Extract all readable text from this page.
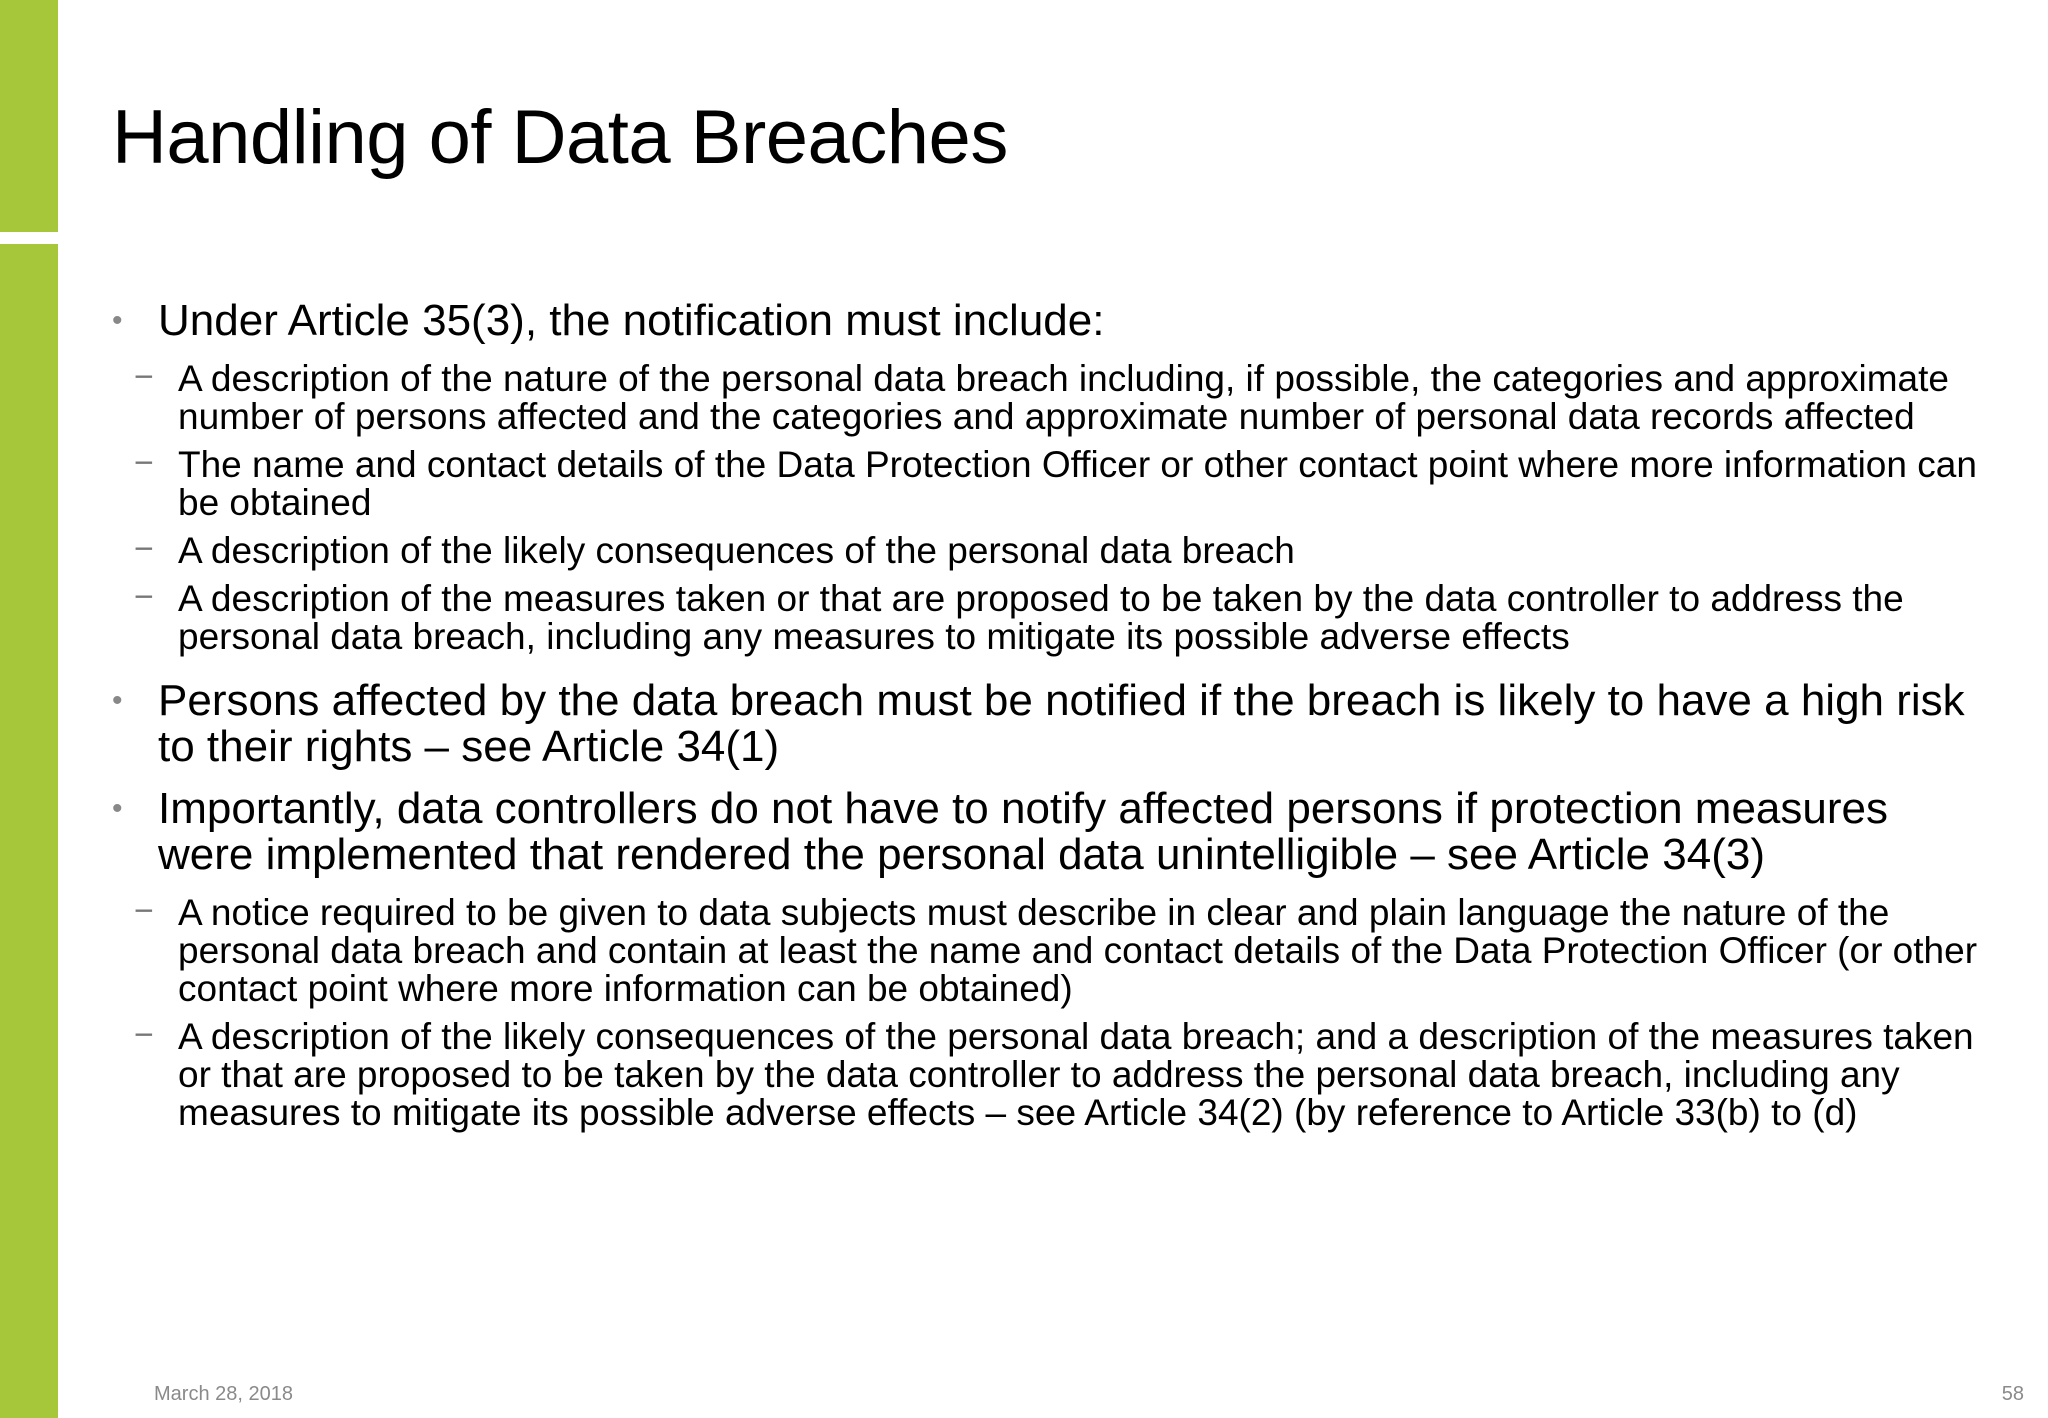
Handling of Data Breaches
• Under Article 35(3), the notification must include:
− A description of the nature of the personal data breach including, if possible, the categories and approximate number of persons affected and the categories and approximate number of personal data records affected
− The name and contact details of the Data Protection Officer or other contact point where more information can be obtained
− A description of the likely consequences of the personal data breach
− A description of the measures taken or that are proposed to be taken by the data controller to address the personal data breach, including any measures to mitigate its possible adverse effects
• Persons affected by the data breach must be notified if the breach is likely to have a high risk to their rights – see Article 34(1)
• Importantly, data controllers do not have to notify affected persons if protection measures were implemented that rendered the personal data unintelligible – see Article 34(3)
− A notice required to be given to data subjects must describe in clear and plain language the nature of the personal data breach and contain at least the name and contact details of the Data Protection Officer (or other contact point where more information can be obtained)
− A description of the likely consequences of the personal data breach; and a description of the measures taken or that are proposed to be taken by the data controller to address the personal data breach, including any measures to mitigate its possible adverse effects – see Article 34(2) (by reference to Article 33(b) to (d)
March 28, 2018	58
